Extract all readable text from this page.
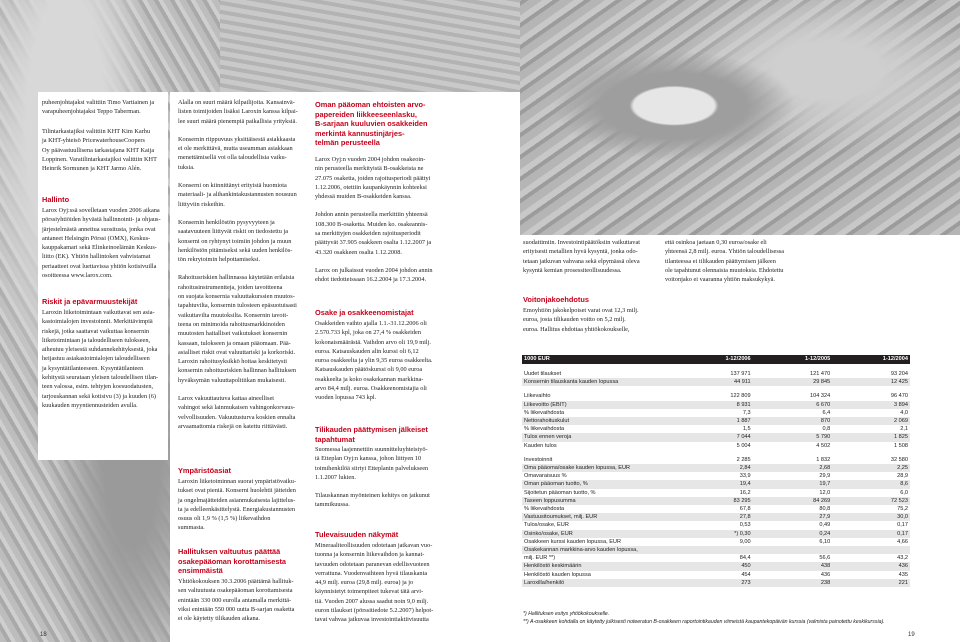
puheenjohtajaksi valittiin Timo Vartiainen ja
varapuheenjohtajaksi Teppo Taberman.
Tilintarkastajiksi valittiin KHT Kim Karhu
ja KHT-yhteisö PricewaterhouseCoopers
Oy päävastuullisena tarkastajana KHT Kaija
Loppinen. Varatilintarkastajiksi valittiin KHT
Heinrik Sormunen ja KHT Jarmo Alén.
Hallinto
Larox Oyj:ssä sovelletaan vuoden 2006 aikana
pörssiyhtiöiden hyvästä hallinnointi- ja ohjaus-
järjestelmästä annettua suositusta, jonka ovat
antaneet Helsingin Pörssi (OMX), Keskus-
kauppakamari sekä Elinkeinoelämän Keskus-
liitto (EK). Yhtiön hallintoken vahvistamat
periaatteet ovat luettavissa yhtiön kotisivuilla
osoitteessa www.larox.com.
Riskit ja epävarmuustekijät
Laroxin liiketoimintaan vaikuttavat sen asia-
kastoimialojen investoinnit. Merkittävimpiä
riskejä, jotka saattavat vaikuttaa konsernin
liiketoimintaan ja taloudelliseen tulokseen,
aiheutuu yleisestä suhdannekehityksestä, joka
heijastuu asiakastoimialojen taloudelliseen
ja kysyntätilanteeseen. Kysyntätilanteen
kehitystä seurataan yleisen taloudellisen tilan-
teen valossa, esim. tehtyjen koesuodatusten,
tarjouskannan sekä kotisivu (3) ja kuuden (6)
kuukauden myyntiennusteiden avulla.

Alalla on suuri määrä kilpailijoita. Kansainvä-
listen toimijoiden lisäksi Laroxin kanssa kilpai-
lee suuri määrä pienempiä paikallisia yrityksiä.

Konsernin riippuvuus yksittäisestä asiakkaasta
ei ole merkittävä, mutta useamman asiakkaan
menettämisellä voi olla taloudellisia vaiku-
tuksia.

Konserni on kiinnittänyt erityistä huomiota
materiaali- ja alihankintakustannusten nousuun
liittyviin riskeihin.

Konsernin henkilöstön pysyvyyteen ja
saatavuuteen liittyvät riskit on tiedostettu ja
konserni on ryhtynyt toimiin johdon ja muun
henkilöstön pitämiseksi sekä uuden henkilös-
tön rekrytoimin helpottamiseksi.

Rahoitusriskien hallinnassa käytetään erilaisia
rahoitusinstrumentteja, joiden tavoitteena
on suojata konsernia valuuttakurssien muutos-
tapahtuvilta, konsernin tulosteen epäsuotuisasti
vaikuttavilta muutoksilta. Konsernin tavoit-
teena on minimoida rahoitusmarkkinoiden
muutosten haitalliset vaikutukset konsernin
kassaan, tulokseen ja omaan pääomaan. Pää-
asialliset riskit ovat valuuttariski ja korkoriski.
Laroxin rahoitusyksikkö hoitaa keskitetysti
konsernin rahoitusriskien hallinnan hallituksen
hyväksymän valuuttapolitiikan mukaisesti.

Larox vakuuttautuva kattaa aineelliset
vahingot sekä lainmukaisen vahingonkorvaus-
velvollisuuden. Vakuutusturva koskien ennalta
arvaamattomia riskejä on katettu riittävästi.

Ympäristöasiat
Laroxin liiketoiminnan suorat ympäristövaiku-
tukset ovat pieniä. Konserni huolehtii jätteiden
ja ongelmajätteiden asianmukaisesta lajittelus-
ta ja edelleenkäsittelystä. Energiakustannusten
osuus oli 1,9 % (1,5 %) liikevaihdon
summasta.
Hallituksen valtuutus päättää
osakepääoman korottamisesta
ensimmäistä
Yhtiökokouksen 30.3.2006 päättämä hallituk-
sen valtuutusta osakepääoman korottamisesta
enintään 330 000 eurolla antamalla merkittä-
viksi enintään 550 000 uutta B-sarjan osaketta
ei ole käytetty tilikauden aikana.
Oman pääoman ehtoisten arvo-
papereiden liikkeeseenlasku,
B-sarjaan kuuluvien osakkeiden
merkintä kannustinjärjes-
telmän perusteella

Larox Oyj:n vuoden 2004 johdon osakeoin-
nin perusteella merkityistä B-osakkeista ne
27.075 osaketta, joiden rajoitusperiodi päättyi
1.12.2006, otettiin kaupankäynnin kohteeksi
yhdessä muiden B-osakkeiden kanssa.

Johdon annin perusteella merkittiin yhteensä
108.300 B-osaketta. Muiden ko. osakeannis-
sa merkittyjen osakkeiden rajoitusperiodit
päättyvät 37.905 osakkeen osalta 1.12.2007 ja
43.320 osakkeen osalta 1.12.2008.

Larox on julkaissut vuoden 2004 johdon annin
ehdot tiedotteissaan 16.2.2004 ja 17.3.2004.

Osake ja osakkeenomistajat
Osakkeiden vaihto ajalla 1.1.-31.12.2006 oli
2.570.733 kpl, joka on 27,4 % osakkeiden
kokonaismäärästä. Vaihdon arvo oli 19,9 milj.
euroa. Katsauskauden alin kurssi oli 6,12
euroa osakkeelta ja ylin 9,35 euroa osakkeelta.
Katsauskauden päätöskurssi oli 9,00 euroa
osakkeelta ja koko osakekannan markkina-
arvo 84,4 milj. euroa. Osakkeenomistajia oli
vuoden lopussa 743 kpl.
Tilikauden päättymisen jälkeiset
tapahtumat

Suomessa laajennettiin suunnitteluyhteistyö-
tä Etteplan Oyj:n kanssa, johon liittyen 10
toimihenkilöä siirtyi Etteplanin palvelukseen
1.1.2007 lukien.

Tilauskannan myönteinen kehitys on jatkunut
tammikuussa.

Tulevaisuuden näkymät
Mineraaliteollisuuden odotetaan jatkavan vuo-
tuonna ja konsernin liikevaihdon ja kannat-
tavuuden odotetaan paranevan edellisvuoteen
verrattuna. Vuodenvaihteen hyvä tilauskanta
44,9 milj. euroa (29,8 milj. euroa) ja jo
käynnistetyt toimenpiteet tukevat tätä arvi-
tiä. Vuoden 2007 alussa saadut noin 9,0 milj.
euron tilaukset (pörssitiedote 5.2.2007) helpot-
tavat vahvaa jatkuvaa investointiaktiivisuutta
suodattimiin. Investointipäätöksiin vaikuttavat
erityisesti metallien hyvä kysyntä, jonka odo-
tetaan jatkuvan vahvana sekä elpymässä oleva
kysyntä kemian prosessiteollisuudessa.
Voitonjakoehdotus
Emoyhtiön jakokelpoiset varat ovat 12,3 milj.
euroa, josta tilikauden voitto on 5,2 milj.
euroa. Hallitus ehdottaa yhtiökokoukselle,
että osinkoa jaetaan 0,30 euroa/osake eli
yhteensä 2,8 milj. euroa. Yhtiön taloudellisessa
tilanteessa ei tilikauden päättymisen jälkeen
ole tapahtunut olennaisia muutoksia. Ehdotettu
voitonjako ei vaaranna yhtiön maksukykyä.
1000 EUR	1-12/2006	1-12/2005	1-12/2004

Uudet tilaukset	137 971	121 470	93 204
Konsernin tilauskanta kauden lopussa	44 911	29 845	12 425

Liikevaihto	122 809	104 324	96 470
Liikevoitto (EBIT)	8 931	6 670	3 894
% liikevaihdosta	7,3	6,4	4,0
Nettorahoituskulut	1 887	870	2 069
% liikevaihdosta	1,5	0,8	2,1
Tulos ennen veroja	7 044	5 790	1 825
Kauden tulos	5 004	4 502	1 508

Investoinnit	2 285	1 832	32 580
Oma pääoma/osake kauden lopussa, EUR	2,84	2,68	2,25
Omavaraisuus %	33,9	29,9	28,9
Oman pääoman tuotto, %	19,4	19,7	8,6
Sijoitetun pääoman tuotto, %	16,2	12,0	6,0
Taseen loppusumma	83 295	84 269	72 523
% liikevaihdosta	67,8	80,8	75,2
Vastuusitoumukset, milj. EUR	27,8	27,9	30,0
Tulos/osake, EUR	0,53	0,49	0,17
Osinko/osake, EUR	*) 0,30	0,24	0,17
Osakkeen kurssi kauden lopussa, EUR	9,00	6,10	4,66
Osakekannan markkina-arvo kauden lopussa,			
milj. EUR **)	84,4	56,6	43,2
Henkilöstö keskimäärin	450	438	436
Henkilöstö kauden lopussa	454	436	435
Laroxilla/henkilö	273	238	221
*) Hallituksen esitys yhtiökokoukselle.
**) A-osakkeen kohdalla on käytetty julkisesti noteeratun B-osakkeen raportointikauden viimeistä kaupantekopäivän kurssia (valmista painotettu keskikurssia).
18	19
